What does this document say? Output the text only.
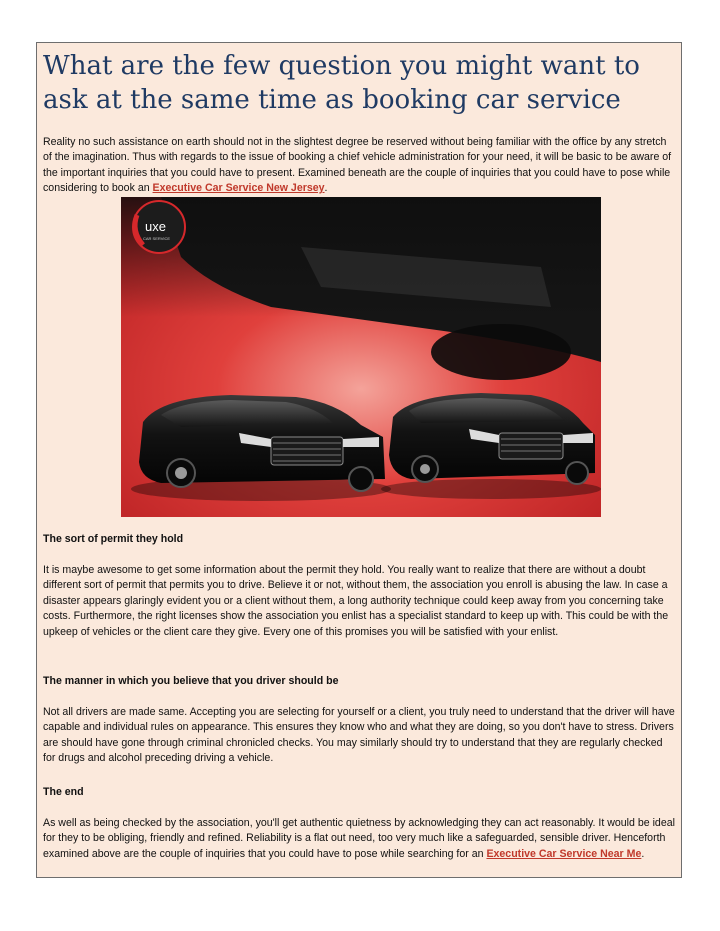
What are the few question you might want to ask at the same time as booking car service

Reality no such assistance on earth should not in the slightest degree be reserved without being familiar with the office by any stretch of the imagination. Thus with regards to the issue of booking a chief vehicle administration for your need, it will be basic to be aware of the important inquiries that you could have to present. Examined beneath are the couple of inquiries that you could have to pose while considering to book an Executive Car Service New Jersey.

uxe
CAR SERVICE

The sort of permit they hold

It is maybe awesome to get some information about the permit they hold. You really want to realize that there are without a doubt different sort of permit that permits you to drive. Believe it or not, without them, the association you enroll is abusing the law. In case a disaster appears glaringly evident you or a client without them, a long authority technique could keep away from you concerning take costs. Furthermore, the right licenses show the association you enlist has a specialist standard to keep up with. This could be with the upkeep of vehicles or the client care they give. Every one of this promises you will be satisfied with your enlist.

The manner in which you believe that you driver should be

Not all drivers are made same. Accepting you are selecting for yourself or a client, you truly need to understand that the driver will have capable and individual rules on appearance. This ensures they know who and what they are doing, so you don't have to stress. Drivers are should have gone through criminal chronicled checks. You may similarly should try to understand that they are regularly checked for drugs and alcohol preceding driving a vehicle.

The end

As well as being checked by the association, you'll get authentic quietness by acknowledging they can act reasonably. It would be ideal for they to be obliging, friendly and refined. Reliability is a flat out need, too very much like a safeguarded, sensible driver. Henceforth examined above are the couple of inquiries that you could have to pose while searching for an Executive Car Service Near Me.
